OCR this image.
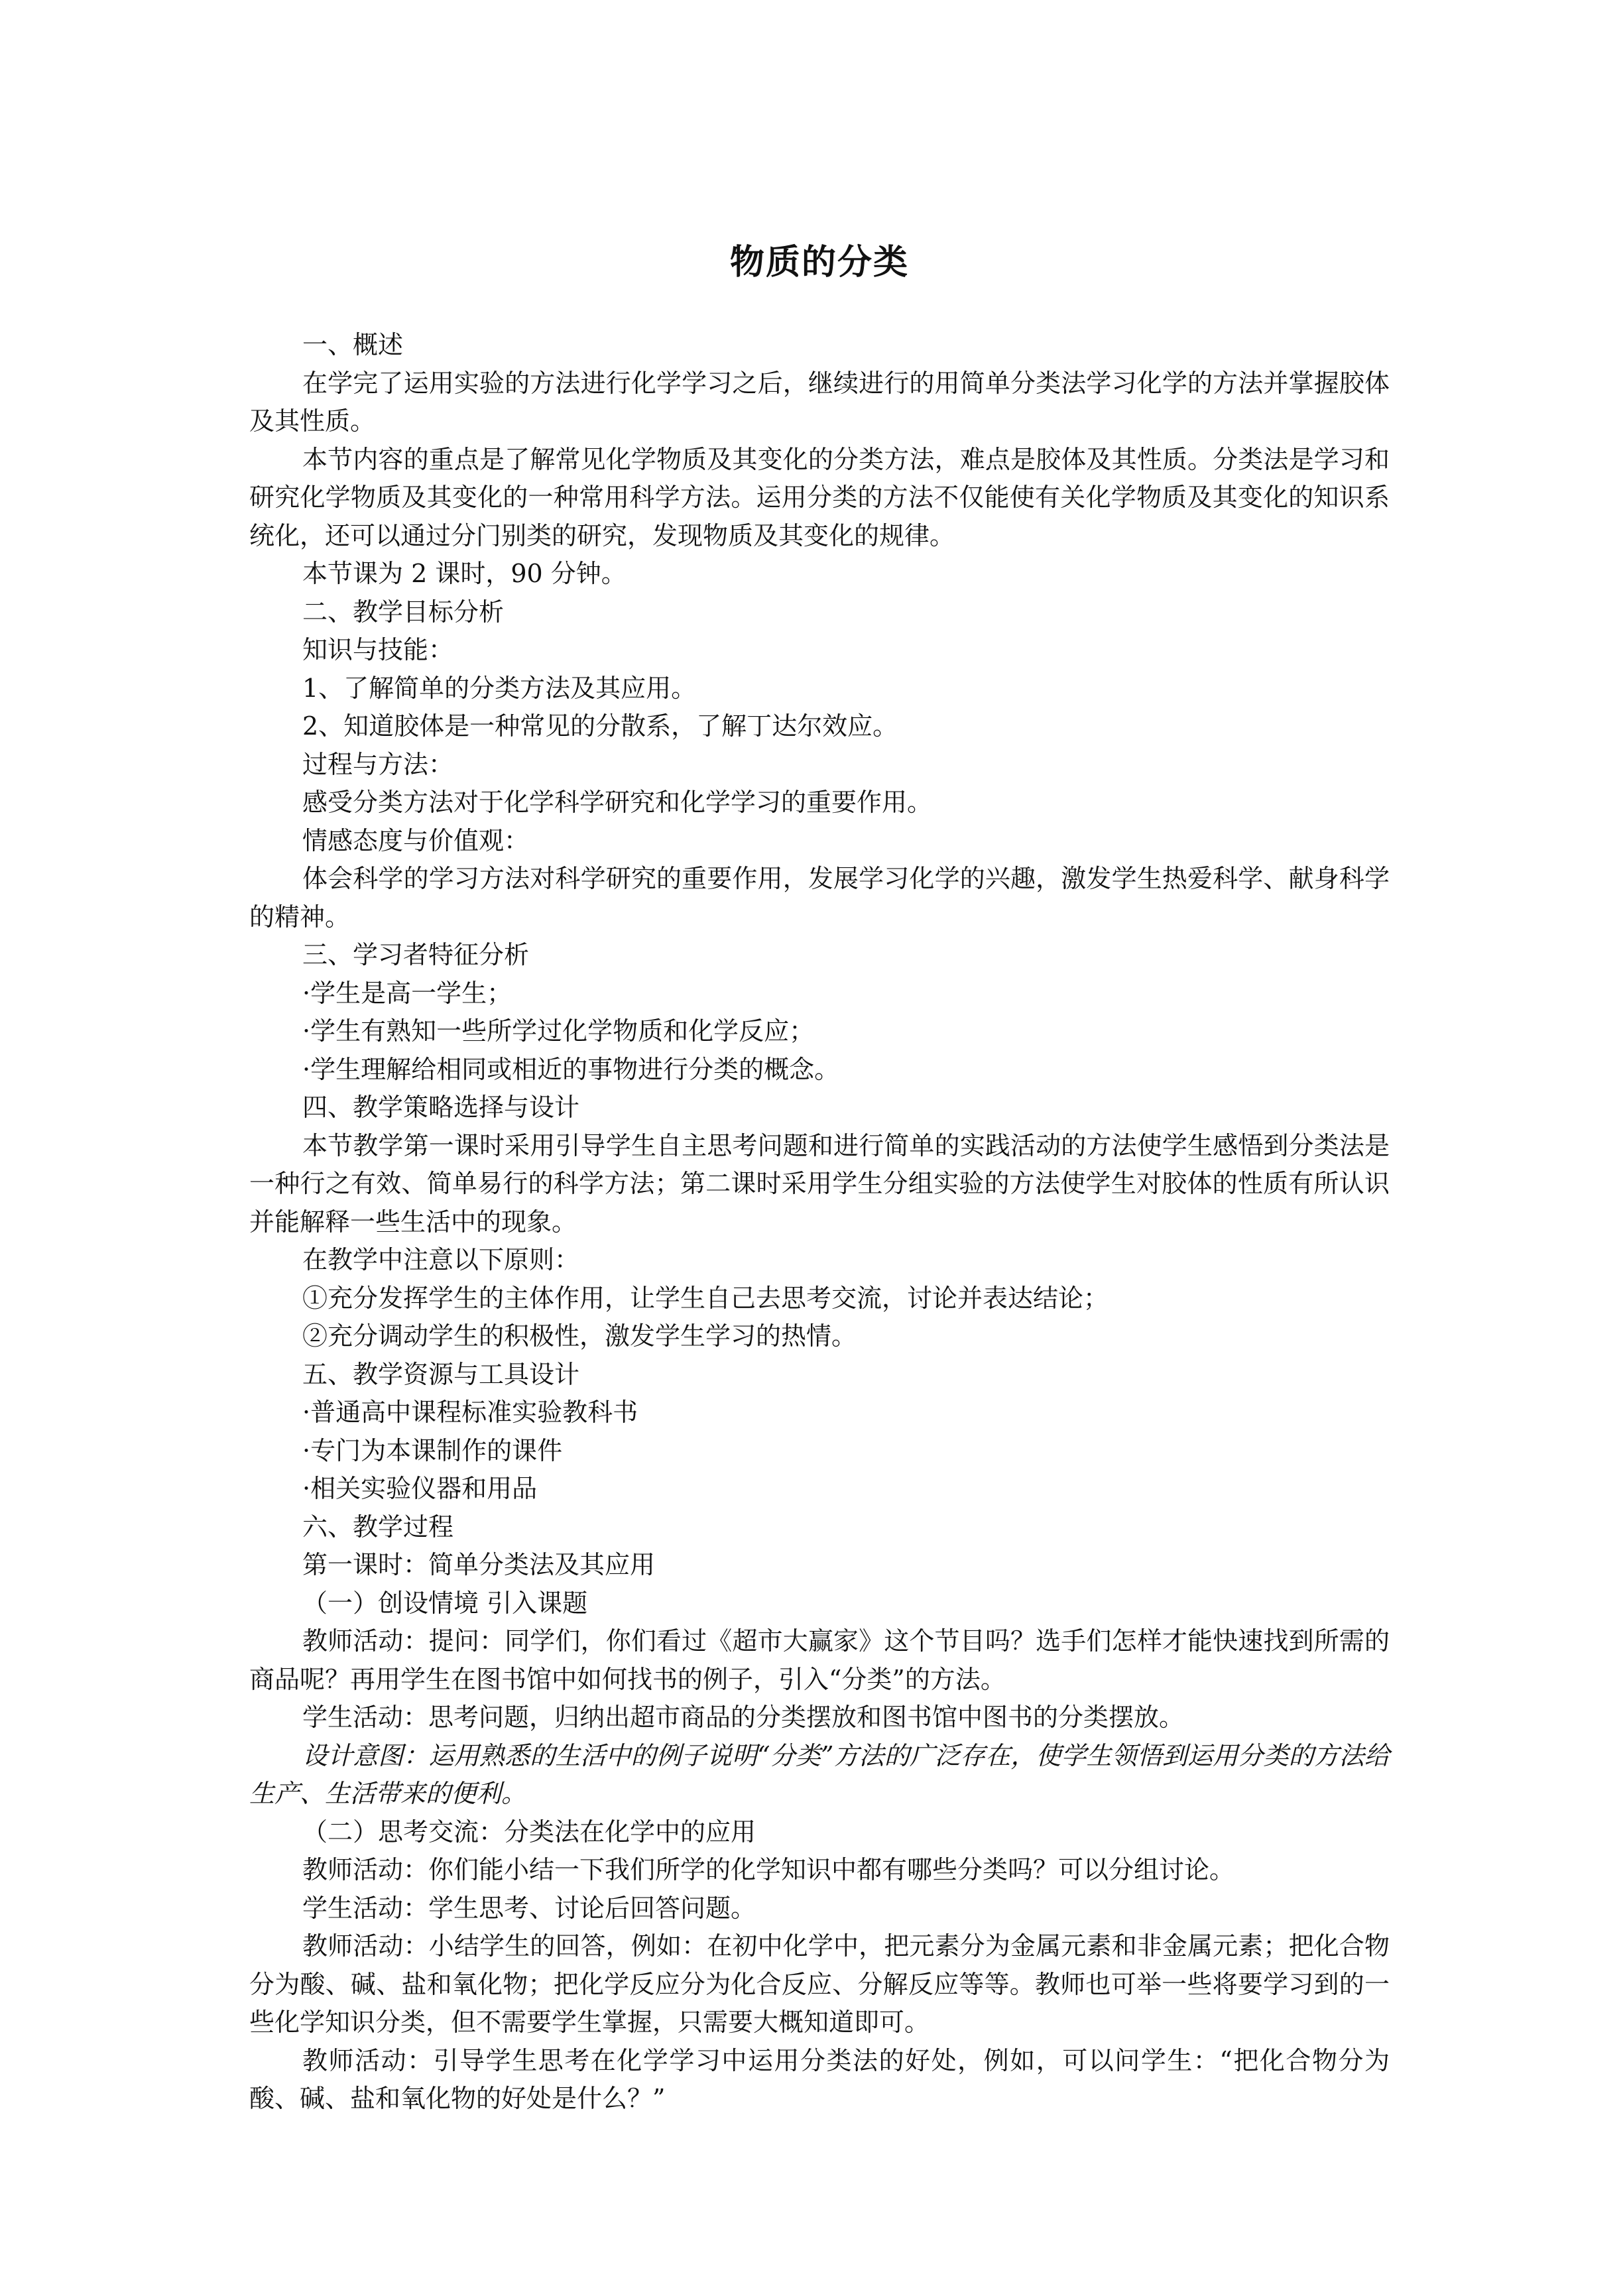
物质的分类

一、概述

在学完了运用实验的方法进行化学学习之后，继续进行的用简单分类法学习化学的方法并掌握胶体及其性质。

本节内容的重点是了解常见化学物质及其变化的分类方法，难点是胶体及其性质。分类法是学习和研究化学物质及其变化的一种常用科学方法。运用分类的方法不仅能使有关化学物质及其变化的知识系统化，还可以通过分门别类的研究，发现物质及其变化的规律。

本节课为 2 课时，90 分钟。

二、教学目标分析

知识与技能：

1、了解简单的分类方法及其应用。

2、知道胶体是一种常见的分散系，了解丁达尔效应。

过程与方法：

感受分类方法对于化学科学研究和化学学习的重要作用。

情感态度与价值观：

体会科学的学习方法对科学研究的重要作用，发展学习化学的兴趣，激发学生热爱科学、献身科学的精神。

三、学习者特征分析

·学生是高一学生；

·学生有熟知一些所学过化学物质和化学反应；

·学生理解给相同或相近的事物进行分类的概念。

四、教学策略选择与设计

本节教学第一课时采用引导学生自主思考问题和进行简单的实践活动的方法使学生感悟到分类法是一种行之有效、简单易行的科学方法；第二课时采用学生分组实验的方法使学生对胶体的性质有所认识并能解释一些生活中的现象。

在教学中注意以下原则：

①充分发挥学生的主体作用，让学生自己去思考交流，讨论并表达结论；

②充分调动学生的积极性，激发学生学习的热情。

五、教学资源与工具设计

·普通高中课程标准实验教科书

·专门为本课制作的课件

·相关实验仪器和用品

六、教学过程

第一课时：简单分类法及其应用

（一）创设情境 引入课题

教师活动：提问：同学们，你们看过《超市大赢家》这个节目吗？选手们怎样才能快速找到所需的商品呢？再用学生在图书馆中如何找书的例子，引入“分类”的方法。

学生活动：思考问题，归纳出超市商品的分类摆放和图书馆中图书的分类摆放。

设计意图：运用熟悉的生活中的例子说明“分类”方法的广泛存在，使学生领悟到运用分类的方法给生产、生活带来的便利。

（二）思考交流：分类法在化学中的应用

教师活动：你们能小结一下我们所学的化学知识中都有哪些分类吗？可以分组讨论。

学生活动：学生思考、讨论后回答问题。

教师活动：小结学生的回答，例如：在初中化学中，把元素分为金属元素和非金属元素；把化合物分为酸、碱、盐和氧化物；把化学反应分为化合反应、分解反应等等。教师也可举一些将要学习到的一些化学知识分类，但不需要学生掌握，只需要大概知道即可。

教师活动：引导学生思考在化学学习中运用分类法的好处，例如，可以问学生：“把化合物分为酸、碱、盐和氧化物的好处是什么？”
